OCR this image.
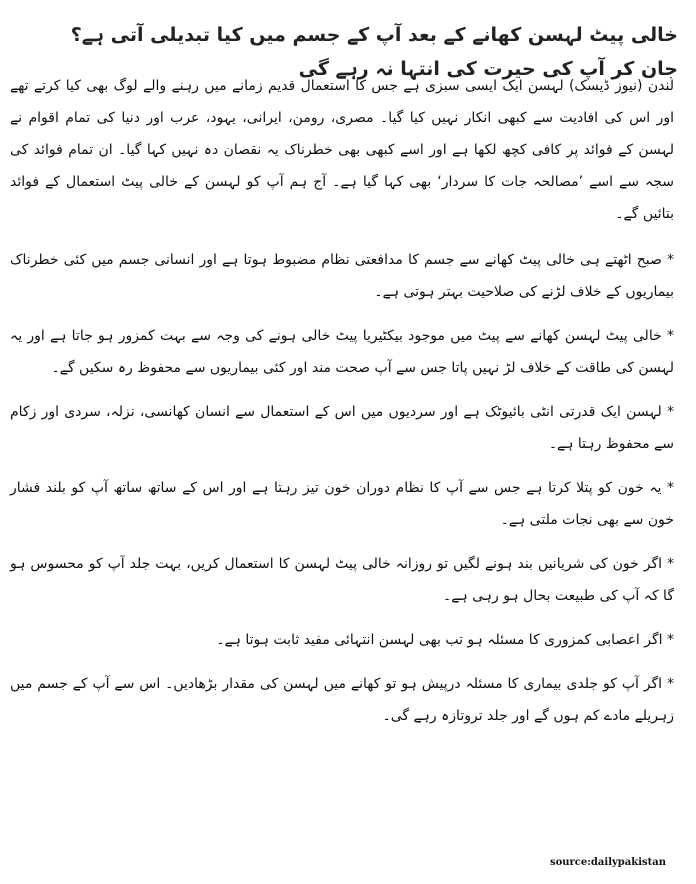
خالی پیٹ لہسن کھانے کے بعد آپ کے جسم میں کیا تبدیلی آتی ہے؟ جان کر آپ کی حیرت کی انتہا نہ رہے گی

لندن (نیوز ڈیسک) لہسن ایک ایسی سبزی ہے جس کا استعمال قدیم زمانے میں رہنے والے لوگ بھی کیا کرتے تھے اور اس کی افادیت سے کبھی انکار نہیں کیا گیا۔ مصری، رومن، ایرانی، یہود، عرب اور دنیا کی تمام اقوام نے لہسن کے فوائد پر کافی کچھ لکھا ہے اور اسے کبھی بھی خطرناک یہ نقصان دہ نہیں کہا گیا۔ ان تمام فوائد کی سجہ سے اسے ’مصالحہ جات کا سردار‘ بھی کہا گیا ہے۔ آج ہم آپ کو لہسن کے خالی پیٹ استعمال کے فوائد بتائیں گے۔

* صبح اٹھتے ہی خالی پیٹ کھانے سے جسم کا مدافعتی نظام مضبوط ہوتا ہے اور انسانی جسم میں کئی خطرناک بیماریوں کے خلاف لڑنے کی صلاحیت بہتر ہوتی ہے۔

* خالی پیٹ لہسن کھانے سے پیٹ میں موجود بیکٹیریا پیٹ خالی ہونے کی وجہ سے بہت کمزور ہو جاتا ہے اور یہ لہسن کی طاقت کے خلاف لڑ نہیں پاتا جس سے آپ صحت مند اور کئی بیماریوں سے محفوظ رہ سکیں گے۔

* لہسن ایک قدرتی انٹی بائیوٹک ہے اور سردیوں میں اس کے استعمال سے انسان کھانسی، نزلہ، سردی اور زکام سے محفوظ رہتا ہے۔

* یہ خون کو پتلا کرتا ہے جس سے آپ کا نظام دوران خون تیز رہتا ہے اور اس کے ساتھ ساتھ آپ کو بلند فشار خون سے بھی نجات ملتی ہے۔

* اگر خون کی شریانیں بند ہونے لگیں تو روزانہ خالی پیٹ لہسن کا استعمال کریں، بہت جلد آپ کو محسوس ہو گا کہ آپ کی طبیعت بحال ہو رہی ہے۔

* اگر اعصابی کمزوری کا مسئلہ ہو تب بھی لہسن انتہائی مفید ثابت ہوتا ہے۔

* اگر آپ کو جلدی بیماری کا مسئلہ درپیش ہو تو کھانے میں لہسن کی مقدار بڑھادیں۔ اس سے آپ کے جسم میں زہریلے مادے کم ہوں گے اور جلد تروتازہ رہے گی۔

source:dailypakistan
